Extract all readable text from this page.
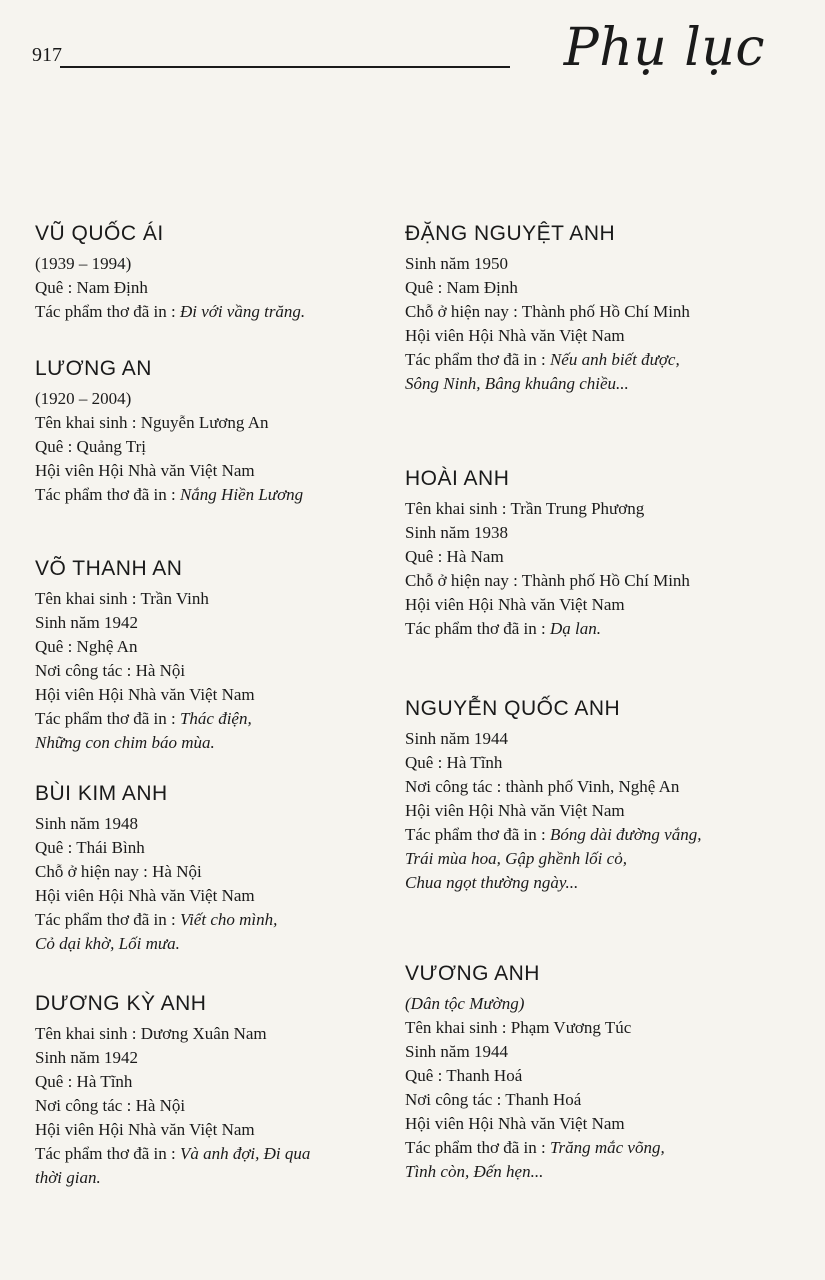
917	Phụ lục
VŨ QUỐC ÁI
(1939 – 1994)
Quê : Nam Định
Tác phẩm thơ đã in : Đi với vầng trăng.
LƯƠNG AN
(1920 – 2004)
Tên khai sinh : Nguyễn Lương An
Quê : Quảng Trị
Hội viên Hội Nhà văn Việt Nam
Tác phẩm thơ đã in : Nắng Hiền Lương
VÕ THANH AN
Tên khai sinh : Trần Vinh
Sinh năm 1942
Quê : Nghệ An
Nơi công tác : Hà Nội
Hội viên Hội Nhà văn Việt Nam
Tác phẩm thơ đã in : Thác điện,
Những con chim báo mùa.
BÙI KIM ANH
Sinh năm 1948
Quê : Thái Bình
Chỗ ở hiện nay : Hà Nội
Hội viên Hội Nhà văn Việt Nam
Tác phẩm thơ đã in : Viết cho mình,
Cỏ dại khờ, Lối mưa.
DƯƠNG KỲ ANH
Tên khai sinh : Dương Xuân Nam
Sinh năm 1942
Quê : Hà Tĩnh
Nơi công tác : Hà Nội
Hội viên Hội Nhà văn Việt Nam
Tác phẩm thơ đã in : Và anh đợi, Đi qua
thời gian.
ĐẶNG NGUYỆT ANH
Sinh năm 1950
Quê : Nam Định
Chỗ ở hiện nay : Thành phố Hồ Chí Minh
Hội viên Hội Nhà văn Việt Nam
Tác phẩm thơ đã in : Nếu anh biết được,
Sông Ninh, Bâng khuâng chiều...
HOÀI ANH
Tên khai sinh : Trần Trung Phương
Sinh năm 1938
Quê : Hà Nam
Chỗ ở hiện nay : Thành phố Hồ Chí Minh
Hội viên Hội Nhà văn Việt Nam
Tác phẩm thơ đã in : Dạ lan.
NGUYỄN QUỐC ANH
Sinh năm 1944
Quê : Hà Tĩnh
Nơi công tác : thành phố Vinh, Nghệ An
Hội viên Hội Nhà văn Việt Nam
Tác phẩm thơ đã in : Bóng dài đường vắng,
Trái mùa hoa, Gập ghềnh lối cỏ,
Chua ngọt thường ngày...
VƯƠNG ANH
(Dân tộc Mường)
Tên khai sinh : Phạm Vương Túc
Sinh năm 1944
Quê : Thanh Hoá
Nơi công tác : Thanh Hoá
Hội viên Hội Nhà văn Việt Nam
Tác phẩm thơ đã in : Trăng mắc võng,
Tình còn, Đến hẹn...
